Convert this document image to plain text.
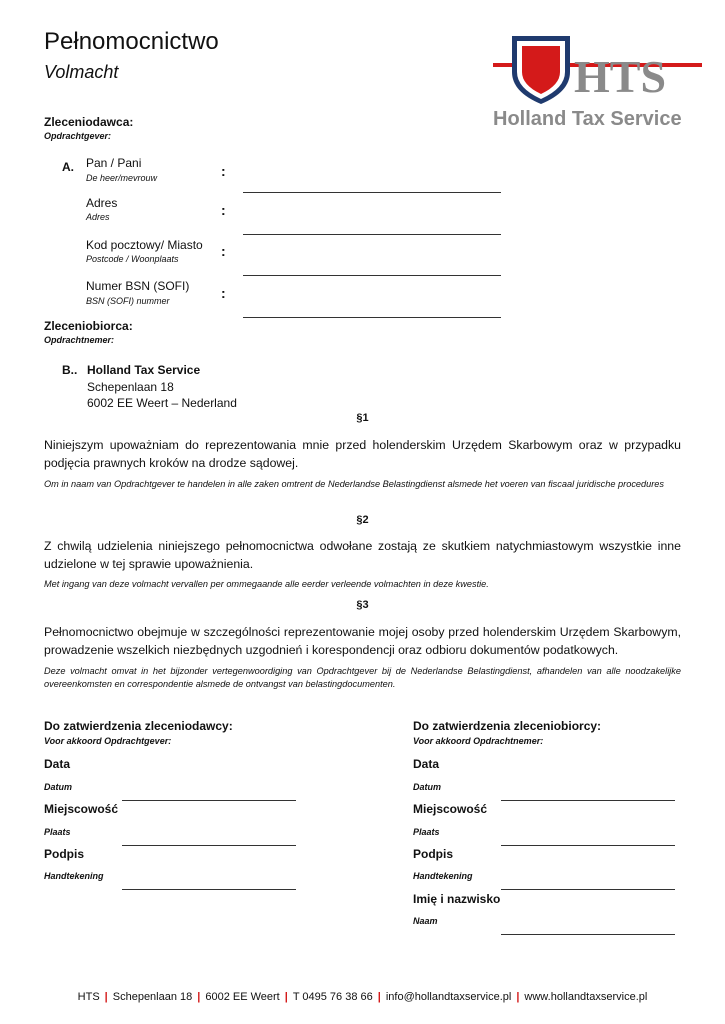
Pełnomocnictwo
Volmacht	HTS
Holland Tax Service
Zleceniodawca:
Opdrachtgever:
A. Pan / Pani
De heer/mevrouw	:
Adres
Adres	:
Kod pocztowy/ Miasto
Postcode / Woonplaats	:
Numer BSN (SOFI)
BSN (SOFI) nummer	:
Zleceniobiorca:
Opdrachtnemer:
B.. Holland Tax Service
Schepenlaan 18
6002 EE Weert – Nederland
§1
Niniejszym upoważniam do reprezentowania mnie przed holenderskim Urzędem Skarbowym oraz w przypadku podjęcia prawnych kroków na drodze sądowej.
Om in naam van Opdrachtgever te handelen in alle zaken omtrent de Nederlandse Belastingdienst alsmede het voeren van fiscaal juridische procedures
§2
Z chwilą udzielenia niniejszego pełnomocnictwa odwołane zostają ze skutkiem natychmiastowym wszystkie inne udzielone w tej sprawie upoważnienia.
Met ingang van deze volmacht vervallen per ommegaande alle eerder verleende volmachten in deze kwestie.
§3
Pełnomocnictwo obejmuje w szczególności reprezentowanie mojej osoby przed holenderskim Urzędem Skarbowym, prowadzenie wszelkich niezbędnych uzgodnień i korespondencji oraz odbioru dokumentów podatkowych.
Deze volmacht omvat in het bijzonder vertegenwoordiging van Opdrachtgever bij de Nederlandse Belastingdienst, afhandelen van alle noodzakelijke overeenkomsten en correspondentie alsmede de ontvangst van belastingdocumenten.
Do zatwierdzenia zleceniodawcy:
Voor akkoord Opdrachtgever:
Data
Datum
Miejscowość
Plaats
Podpis
Handtekening
Do zatwierdzenia zleceniobiorcy:
Voor akkoord Opdrachtnemer:
Data
Datum
Miejscowość
Plaats
Podpis
Handtekening
Imię i nazwisko
Naam
HTS | Schepenlaan 18 | 6002 EE Weert | T 0495 76 38 66 | info@hollandtaxservice.pl | www.hollandtaxservice.pl
